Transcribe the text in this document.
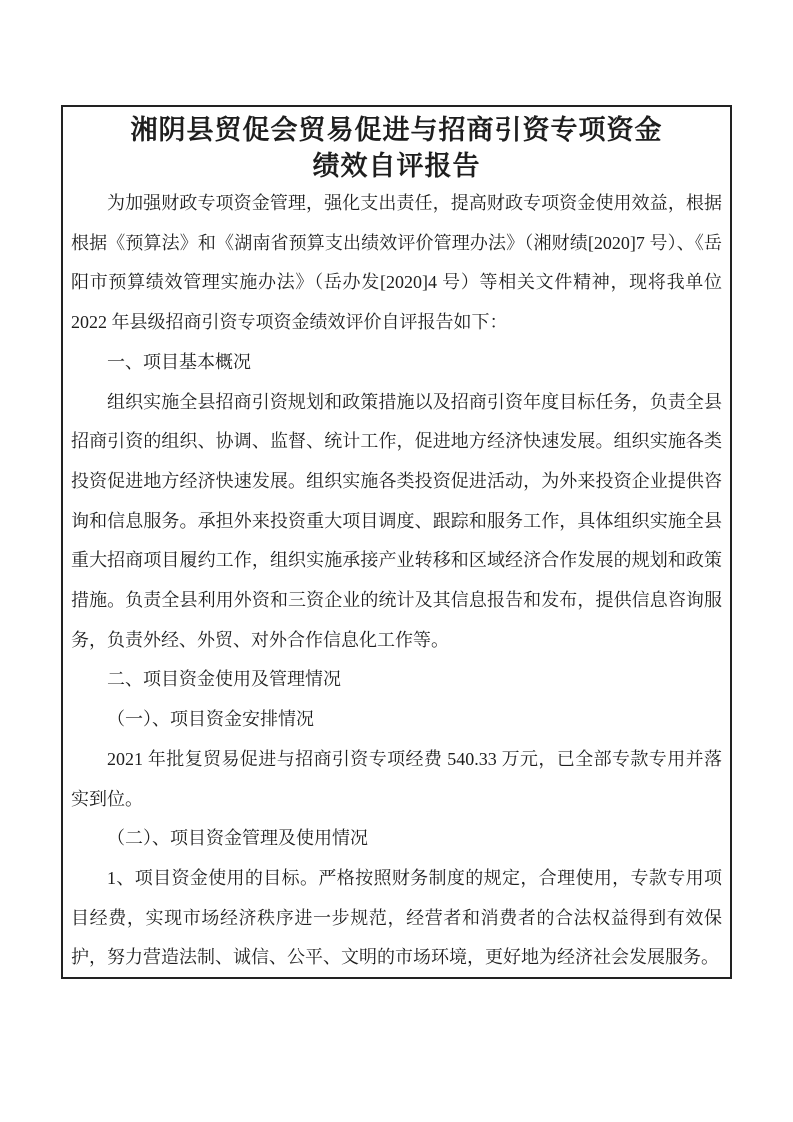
湘阴县贸促会贸易促进与招商引资专项资金
绩效自评报告

为加强财政专项资金管理，强化支出责任，提高财政专项资金使用效益，根据根据《预算法》和《湖南省预算支出绩效评价管理办法》（湘财绩[2020]7 号）、《岳阳市预算绩效管理实施办法》（岳办发[2020]4 号）等相关文件精神，现将我单位 2022 年县级招商引资专项资金绩效评价自评报告如下：

一、项目基本概况

组织实施全县招商引资规划和政策措施以及招商引资年度目标任务，负责全县招商引资的组织、协调、监督、统计工作，促进地方经济快速发展。组织实施各类投资促进地方经济快速发展。组织实施各类投资促进活动，为外来投资企业提供咨询和信息服务。承担外来投资重大项目调度、跟踪和服务工作，具体组织实施全县重大招商项目履约工作，组织实施承接产业转移和区域经济合作发展的规划和政策措施。负责全县利用外资和三资企业的统计及其信息报告和发布，提供信息咨询服务，负责外经、外贸、对外合作信息化工作等。

二、项目资金使用及管理情况

（一）、项目资金安排情况

2021 年批复贸易促进与招商引资专项经费 540.33 万元，已全部专款专用并落实到位。

（二）、项目资金管理及使用情况

1、项目资金使用的目标。严格按照财务制度的规定，合理使用，专款专用项目经费，实现市场经济秩序进一步规范，经营者和消费者的合法权益得到有效保护，努力营造法制、诚信、公平、文明的市场环境，更好地为经济社会发展服务。
